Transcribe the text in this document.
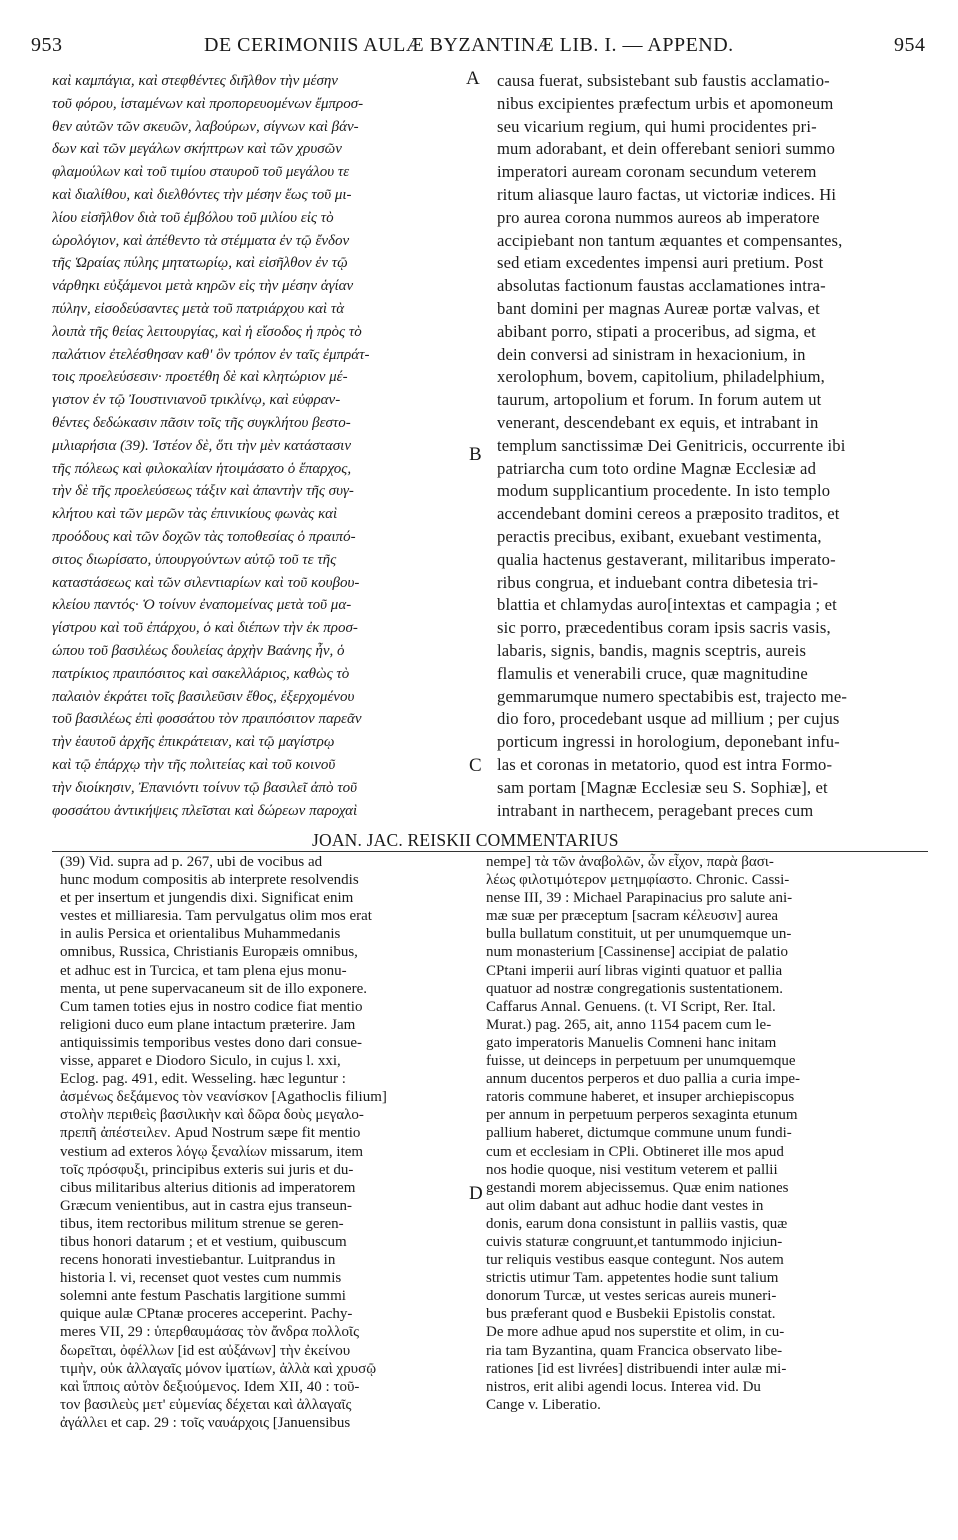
953	DE CERIMONIIS AULÆ BYZANTINÆ LIB. I. — APPEND.	954
καὶ καμπάγια, καὶ στεφθέντες διῆλθον τὴν μέσην
τοῦ φόρου, ἱσταμένων καὶ προπορευομένων ἔμπροσ-
θεν αὐτῶν τῶν σκευῶν, λαβούρων, σίγνων καὶ βάν-
δων καὶ τῶν μεγάλων σκήπτρων καὶ τῶν χρυσῶν
φλαμούλων καὶ τοῦ τιμίου σταυροῦ τοῦ μεγάλου τε
καὶ διαλίθου, καὶ διελθόντες τὴν μέσην ἕως τοῦ μι-
λίου εἰσῆλθον διὰ τοῦ ἐμβόλου τοῦ μιλίου εἰς τὸ
ὡρολόγιον, καὶ ἀπέθεντο τὰ στέμματα ἐν τῷ ἔνδον
τῆς Ὡραίας πύλης μητατωρίῳ, καὶ εἰσῆλθον ἐν τῷ
νάρθηκι εὐξάμενοι μετὰ κηρῶν εἰς τὴν μέσην ἁγίαν
πύλην, εἰσοδεύσαντες μετὰ τοῦ πατριάρχου καὶ τὰ
λοιπὰ τῆς θείας λειτουργίας, καὶ ἡ εἴσοδος ἡ πρὸς τὸ
παλάτιον ἐτελέσθησαν καθ' ὃν τρόπον ἐν ταῖς ἐμπράτ-
τοις προελεύσεσιν· προετέθη δὲ καὶ κλητώριον μέ-
γιστον ἐν τῷ Ἰουστινιανοῦ τρικλίνῳ, καὶ εὐφραν-
θέντες δεδώκασιν πᾶσιν τοῖς τῆς συγκλήτου βεστο-
μιλιαρήσια (39). Ἰστέον δὲ, ὅτι τὴν μὲν κατάστασιν
τῆς πόλεως καὶ φιλοκαλίαν ἡτοιμάσατο ὁ ἔπαρχος,
τὴν δὲ τῆς προελεύσεως τάξιν καὶ ἀπαντὴν τῆς συγ-
κλήτου καὶ τῶν μερῶν τὰς ἐπινικίους φωνὰς καὶ
προόδους καὶ τῶν δοχῶν τὰς τοποθεσίας ὁ πραιπό-
σιτος διωρίσατο, ὑπουργούντων αὐτῷ τοῦ τε τῆς
καταστάσεως καὶ τῶν σιλεντιαρίων καὶ τοῦ κουβου-
κλείου παντός· Ὁ τοίνυν ἐναπομείνας μετὰ τοῦ μα-
γίστρου καὶ τοῦ ἐπάρχου, ὁ καὶ διέπων τὴν ἐκ προσ-
ώπου τοῦ βασιλέως δουλείας ἀρχὴν Βαάνης ἦν, ὁ
πατρίκιος πραιπόσιτος καὶ σακελλάριος, καθὼς τὸ
παλαιὸν ἐκράτει τοῖς βασιλεῦσιν ἔθος, ἐξερχομένου
τοῦ βασιλέως ἐπὶ φοσσάτου τὸν πραιπόσιτον παρεᾶν
τὴν ἑαυτοῦ ἀρχῆς ἐπικράτειαν, καὶ τῷ μαγίστρῳ
καὶ τῷ ἐπάρχῳ τὴν τῆς πολιτείας καὶ τοῦ κοινοῦ
τὴν διοίκησιν, Ἐπανιόντι τοίνυν τῷ βασιλεῖ ἀπὸ τοῦ
φοσσάτου ἀντικήψεις πλεῖσται καὶ δώρεων παροχαὶ
causa fuerat, subsistebant sub faustis acclamatio-
nibus excipientes præfectum urbis et apomoneum
seu vicarium regium, qui humi procidentes pri-
mum adorabant, et dein offerebant seniori summo
imperatori auream coronam secundum veterem
ritum aliasque lauro factas, ut victoriæ indices. Hi
pro aurea corona nummos aureos ab imperatore
accipiebant non tantum æquantes et compensantes,
sed etiam excedentes impensi auri pretium. Post
absolutas factionum faustas acclamationes intra-
bant domini per magnas Aureæ portæ valvas, et
abibant porro, stipati a proceribus, ad sigma, et
dein conversi ad sinistram in hexacionium, in
xerolophum, bovem, capitolium, philadelphium,
taurum, artopolium et forum. In forum autem ut
venerant, descendebant ex equis, et intrabant in
templum sanctissimæ Dei Genitricis, occurrente ibi
patriarcha cum toto ordine Magnæ Ecclesiæ ad
modum supplicantium procedente. In isto templo
accendebant domini cereos a præposito traditos, et
peractis precibus, exibant, exuebant vestimenta,
qualia hactenus gestaverant, militaribus imperato-
ribus congrua, et induebant contra dibetesia tri-
blattia et chlamydas auro[intextas et campagia ; et
sic porro, præcedentibus coram ipsis sacris vasis,
labaris, signis, bandis, magnis sceptris, aureis
flamulis et venerabili cruce, quæ magnitudine
gemmarumque numero spectabibis est, trajecto me-
dio foro, procedebant usque ad millium ; per cujus
porticum ingressi in horologium, deponebant infu-
las et coronas in metatorio, quod est intra Formo-
sam portam [Magnæ Ecclesiæ seu S. Sophiæ], et
intrabant in narthecem, peragebant preces cum
A
B
C
D
JOAN. JAC. REISKII COMMENTARIUS
(39) Vid. supra ad p. 267, ubi de vocibus ad
hunc modum compositis ab interprete resolvendis
et per insertum et jungendis dixi. Significat enim
vestes et milliaresia. Tam pervulgatus olim mos erat
in aulis Persica et orientalibus Muhammedanis
omnibus, Russica, Christianis Europæis omnibus,
et adhuc est in Turcica, et tam plena ejus monu-
menta, ut pene supervacaneum sit de illo exponere.
Cum tamen toties ejus in nostro codice fiat mentio
religioni duco eum plane intactum præterire. Jam
antiquissimis temporibus vestes dono dari consue-
visse, apparet e Diodoro Siculo, in cujus l. xxi,
Eclog. pag. 491, edit. Wesseling. hæc leguntur :
ἀσμένως δεξάμενος τὸν νεανίσκον [Agathoclis filium]
στολὴν περιθεὶς βασιλικὴν καὶ δῶρα δοὺς μεγαλο-
πρεπῆ ἀπέστειλεν. Apud Nostrum sæpe fit mentio
vestium ad exteros λόγῳ ξεναλίων missarum, item
τοῖς πρόσφυξι, principibus exteris sui juris et du-
cibus militaribus alterius ditionis ad imperatorem
Græcum venientibus, aut in castra ejus transeun-
tibus, item rectoribus militum strenue se geren-
tibus honori datarum ; et et vestium, quibuscum
recens honorati investiebantur. Luitprandus in
historia l. vi, recenset quot vestes cum nummis
solemni ante festum Paschatis largitione summi
quique aulæ CPtanæ proceres acceperint. Pachy-
meres VII, 29 : ὑπερθαυμάσας τὸν ἄνδρα πολλοῖς
δωρεῖται, ὀφέλλων [id est αὐξάνων] τὴν ἐκείνου
τιμὴν, οὐκ ἀλλαγαῖς μόνον ἱματίων, ἀλλὰ καὶ χρυσῷ
καὶ ἵπποις αὐτὸν δεξιούμενος. Idem XII, 40 : τοῦ-
τον βασιλεὺς μετ' εὐμενίας δέχεται καὶ ἀλλαγαῖς
ἀγάλλει et cap. 29 : τοῖς ναυάρχοις [Januensibus
nempe] τὰ τῶν ἀναβολῶν, ὧν εἶχον, παρὰ βασι-
λέως φιλοτιμότερον μετημφίαστο. Chronic. Cassi-
nense III, 39 : Michael Parapinacius pro salute ani-
mæ suæ per præceptum [sacram κέλευσιν] aurea
bulla bullatum constituit, ut per unumquemque un-
num monasterium [Cassinense] accipiat de palatio
CPtani imperii aurí libras viginti quatuor et pallia
quatuor ad nostræ congregationis sustentationem.
Caffarus Annal. Genuens. (t. VI Script, Rer. Ital.
Murat.) pag. 265, ait, anno 1154 pacem cum le-
gato imperatoris Manuelis Comneni hanc initam
fuisse, ut deinceps in perpetuum per unumquemque
annum ducentos perperos et duo pallia a curia impe-
ratoris commune haberet, et insuper archiepiscopus
per annum in perpetuum perperos sexaginta etunum
pallium haberet, dictumque commune unum fundi-
cum et ecclesiam in CPli. Obtineret ille mos apud
nos hodie quoque, nisi vestitum veterem et pallii
gestandi morem abjecissemus. Quæ enim nationes
aut olim dabant aut adhuc hodie dant vestes in
donis, earum dona consistunt in palliis vastis, quæ
cuivis staturæ congruunt,et tantummodo injiciun-
tur reliquis vestibus easque contegunt. Nos autem
strictis utimur Tam. appetentes hodie sunt talium
donorum Turcæ, ut vestes sericas aureis muneri-
bus præferant quod e Busbekii Epistolis constat.
De more adhue apud nos superstite et olim, in cu-
ria tam Byzantina, quam Francica observato libe-
rationes [id est livrées] distribuendi inter aulæ mi-
nistros, erit alibi agendi locus. Interea vid. Du
Cange v. Liberatio.
